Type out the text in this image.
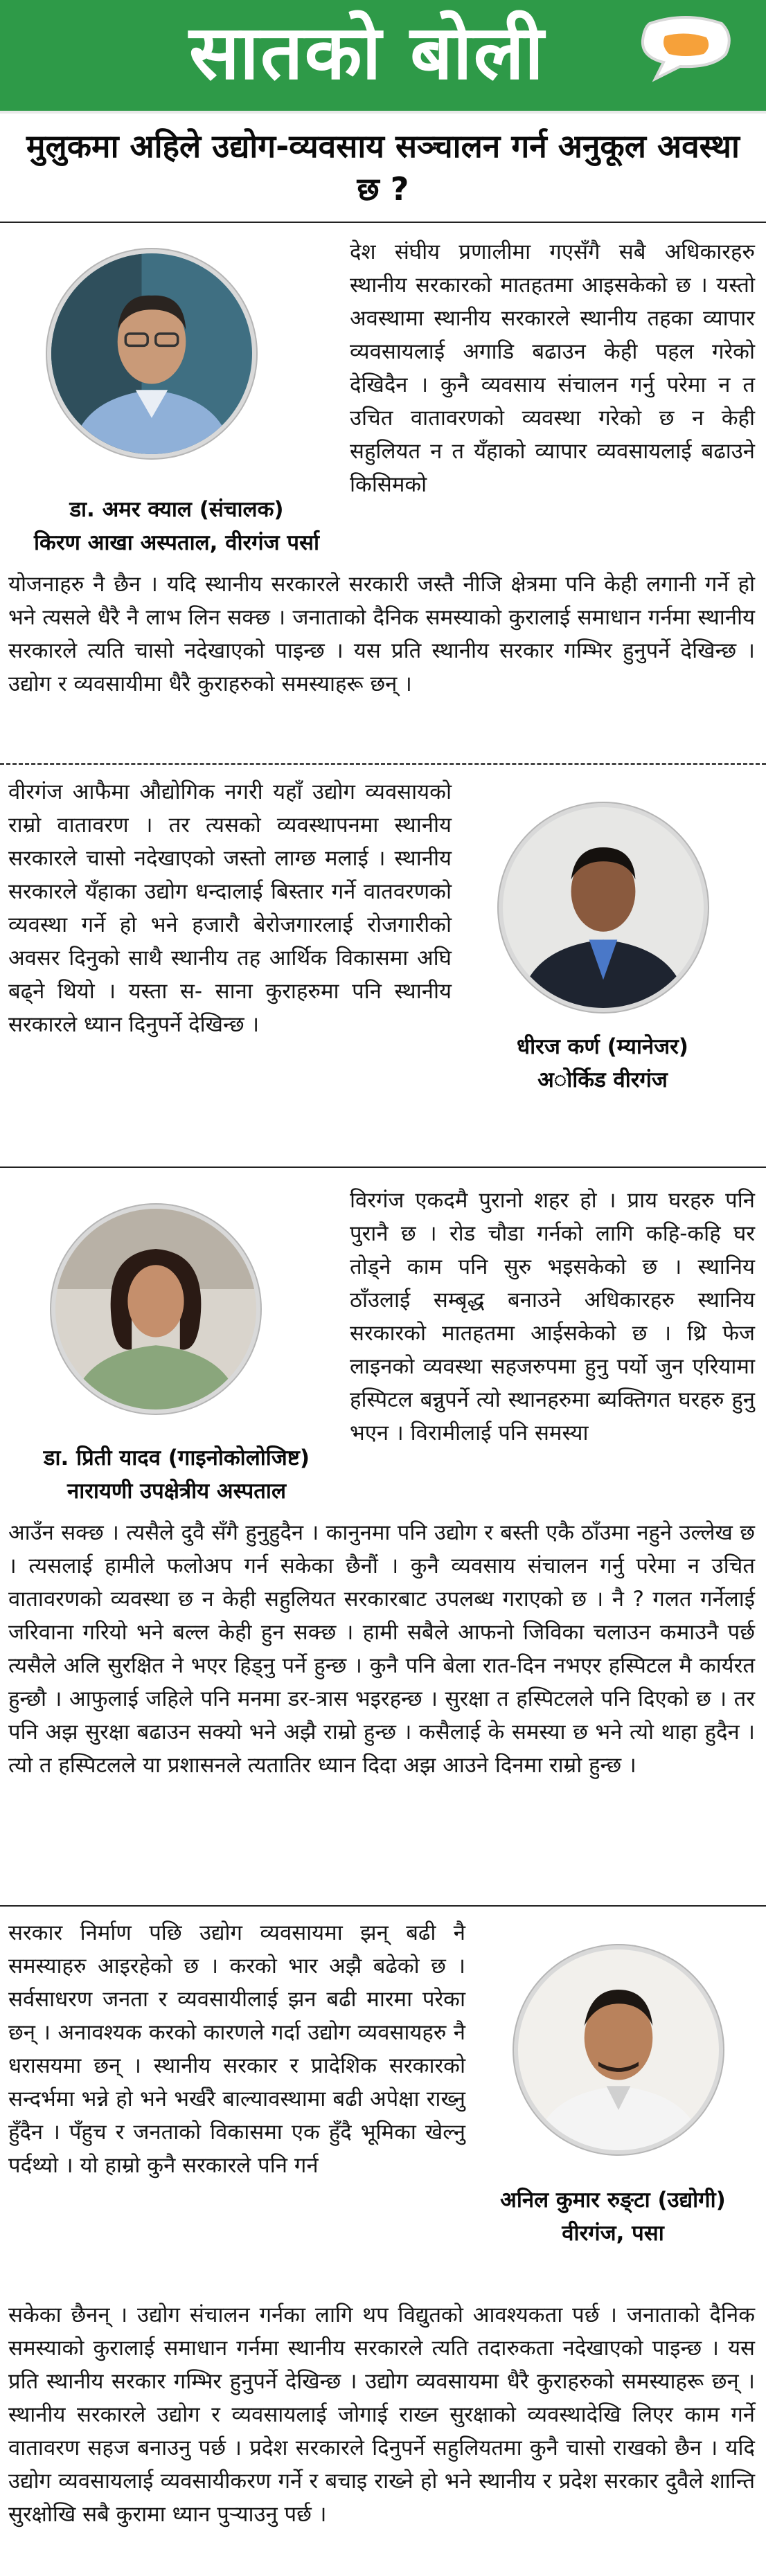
सातको बोली
मुलुकमा अहिले उद्योग-व्यवसाय सञ्चालन गर्न अनुकूल अवस्था छ ?

देश संघीय प्रणालीमा गएसँगै सबै अधिकारहरु स्थानीय सरकारको मातहतमा आइसकेको छ । यस्तो अवस्थामा स्थानीय सरकारले स्थानीय तहका व्यापार व्यवसायलाई अगाडि बढाउन केही पहल गरेको देखिदैन । कुनै व्यवसाय संचालन गर्नु परेमा न त उचित वातावरणको व्यवस्था गरेको छ न केही सहुलियत न त यँहाको व्यापार व्यवसायलाई बढाउने किसिमको

डा. अमर क्याल (संचालक)
किरण आखा अस्पताल, वीरगंज पर्सा

योजनाहरु नै छैन । यदि स्थानीय सरकारले सरकारी जस्तै नीजि क्षेत्रमा पनि केही लगानी गर्ने हो भने त्यसले धैरै नै लाभ लिन सक्छ । जनाताको दैनिक समस्याको कुरालाई समाधान गर्नमा स्थानीय सरकारले त्यति चासो नदेखाएको पाइन्छ । यस प्रति स्थानीय सरकार गम्भिर हुनुपर्ने देखिन्छ । उद्योग र व्यवसायीमा धैरै कुराहरुको समस्याहरू छन् ।

वीरगंज आफैमा औद्योगिक नगरी यहाँ उद्योग व्यवसायको राम्रो वातावरण । तर त्यसको व्यवस्थापनमा स्थानीय सरकारले चासो नदेखाएको जस्तो लाग्छ मलाई । स्थानीय सरकारले यँहाका उद्योग धन्दालाई बिस्तार गर्ने वातवरणको व्यवस्था गर्ने हो भने हजारौ बेरोजगारलाई रोजगारीको अवसर दिनुको साथै स्थानीय तह आर्थिक विकासमा अघि बढ्ने थियो । यस्ता स- साना कुराहरुमा पनि स्थानीय सरकारले ध्यान दिनुपर्ने देखिन्छ ।

धीरज कर्ण (म्यानेजर)
अोर्किड वीरगंज

विरगंज एकदमै पुरानो शहर हो । प्राय घरहरु पनि पुरानै छ । रोड चौडा गर्नको लागि कहि-कहि घर तोड्ने काम पनि सुरु भइसकेको छ । स्थानिय ठाँउलाई सम्बृद्ध बनाउने अधिकारहरु स्थानिय सरकारको मातहतमा आईसकेको छ । थ्रि फेज लाइनको व्यवस्था सहजरुपमा हुनु पर्यो जुन एरियामा हस्पिटल बन्नुपर्ने त्यो स्थानहरुमा ब्यक्तिगत घरहरु हुनु भएन । विरामीलाई पनि समस्या

डा. प्रिती यादव (गाइनोकोलोजिष्ट)
नारायणी उपक्षेत्रीय अस्पताल

आउँन सक्छ । त्यसैले दुवै सँगै हुनुहुदैन । कानुनमा पनि उद्योग र बस्ती एकै ठाँउमा नहुने उल्लेख छ । त्यसलाई हामीले फलोअप गर्न सकेका छैनौं । कुनै व्यवसाय संचालन गर्नु परेमा न उचित वातावरणको व्यवस्था छ न केही सहुलियत सरकारबाट उपलब्ध गराएको छ । नै ? गलत गर्नेलाई जरिवाना गरियो भने बल्ल केही हुन सक्छ । हामी सबैले आफनो जिविका चलाउन कमाउनै पर्छ त्यसैले अलि सुरक्षित ने भएर हिड्नु पर्ने हुन्छ । कुनै पनि बेला रात-दिन नभएर हस्पिटल मै कार्यरत हुन्छौ । आफुलाई जहिले पनि मनमा डर-त्रास भइरहन्छ । सुरक्षा त हस्पिटलले पनि दिएको छ । तर पनि अझ सुरक्षा बढाउन सक्यो भने अझै राम्रो हुन्छ । कसैलाई के समस्या छ भने त्यो थाहा हुदैन । त्यो त हस्पिटलले या प्रशासनले त्यतातिर ध्यान दिदा अझ आउने दिनमा राम्रो हुन्छ ।

सरकार निर्माण पछि उद्योग व्यवसायमा झन् बढी नै समस्याहरु आइरहेको छ । करको भार अझै बढेको छ । सर्वसाधरण जनता र व्यवसायीलाई झन बढी मारमा परेका छन् । अनावश्यक करको कारणले गर्दा उद्योग व्यवसायहरु नै धरासयमा छन् । स्थानीय सरकार र प्रादेशिक सरकारको सन्दर्भमा भन्ने हो भने भर्खरै बाल्यावस्थामा बढी अपेक्षा राख्नु हुँदैन । पँहुच र जनताको विकासमा एक हुँदै भूमिका खेल्नु पर्दथ्यो । यो हाम्रो कुनै सरकारले पनि गर्न

अनिल कुमार रुङ्टा (उद्योगी)
वीरगंज, पसा

सकेका छैनन् । उद्योग संचालन गर्नका लागि थप विद्युतको आवश्यकता पर्छ । जनाताको दैनिक समस्याको कुरालाई समाधान गर्नमा स्थानीय सरकारले त्यति तदारुकता नदेखाएको पाइन्छ । यस प्रति स्थानीय सरकार गम्भिर हुनुपर्ने देखिन्छ । उद्योग व्यवसायमा धैरै कुराहरुको समस्याहरू छन् । स्थानीय सरकारले उद्योग र व्यवसायलाई जोगाई राख्न सुरक्षाको व्यवस्थादेखि लिएर काम गर्ने वातावरण सहज बनाउनु पर्छ । प्रदेश सरकारले दिनुपर्ने सहुलियतमा कुनै चासो राखको छैन । यदि उद्योग व्यवसायलाई व्यवसायीकरण गर्ने र बचाइ राख्ने हो भने स्थानीय र प्रदेश सरकार दुवैले शान्ति सुरक्षोखि सबै कुरामा ध्यान पुऱ्याउनु पर्छ ।
